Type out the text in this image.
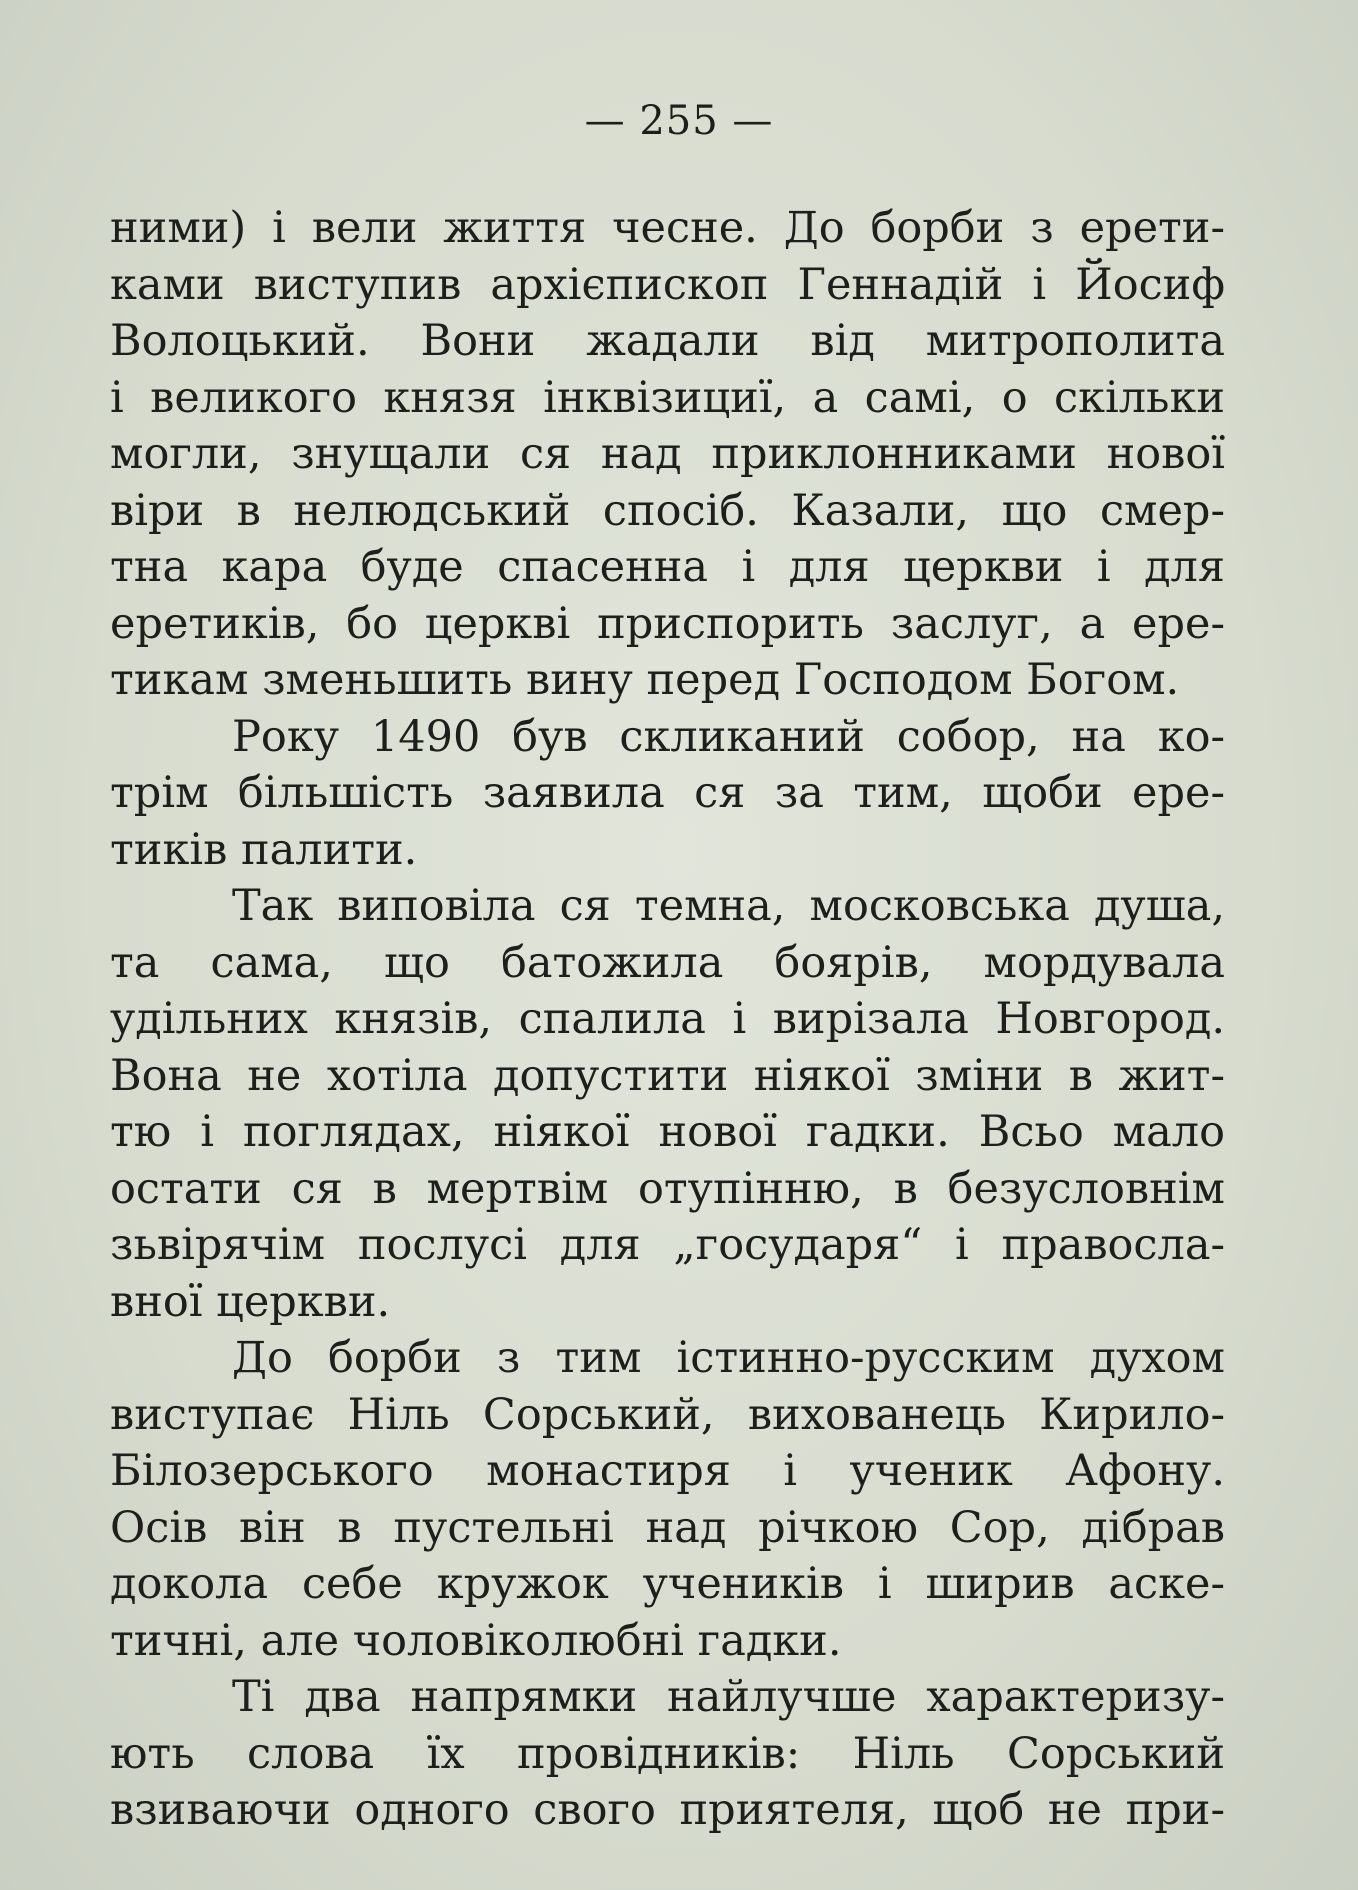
— 255 —
ними) і вели життя чесне. До борби з ерети-
ками виступив архієпископ Геннадій і Йосиф
Волоцький. Вони жадали від митрополита
і великого князя інквізициї, а самі, о скільки
могли, знущали ся над приклонниками нової
віри в нелюдський спосіб. Казали, що смер-
тна кара буде спасенна і для церкви і для
еретиків, бо церкві приспорить заслуг, а ере-
тикам зменьшить вину перед Господом Богом.
Року 1490 був скликаний собор, на ко-
трім більшість заявила ся за тим, щоби ере-
тиків палити.
Так виповіла ся темна, московська душа,
та сама, що батожила боярів, мордувала
удільних князів, спалила і вирізала Новгород.
Вона не хотіла допустити ніякої зміни в жит-
тю і поглядах, ніякої нової гадки. Всьо мало
остати ся в мертвім отупінню, в безусловнім
зьвірячім послусі для „государя“ і правосла-
вної церкви.
До борби з тим істинно-русским духом
виступає Ніль Сорський, вихованець Кирило-
Білозерського монастиря і ученик Афону.
Осів він в пустельні над річкою Сор, дібрав
докола себе кружок учеників і ширив аске-
тичні, але чоловіколюбні гадки.
Ті два напрямки найлучше характеризу-
ють слова їх провідників: Ніль Сорський
взиваючи одного свого приятеля, щоб не при-
